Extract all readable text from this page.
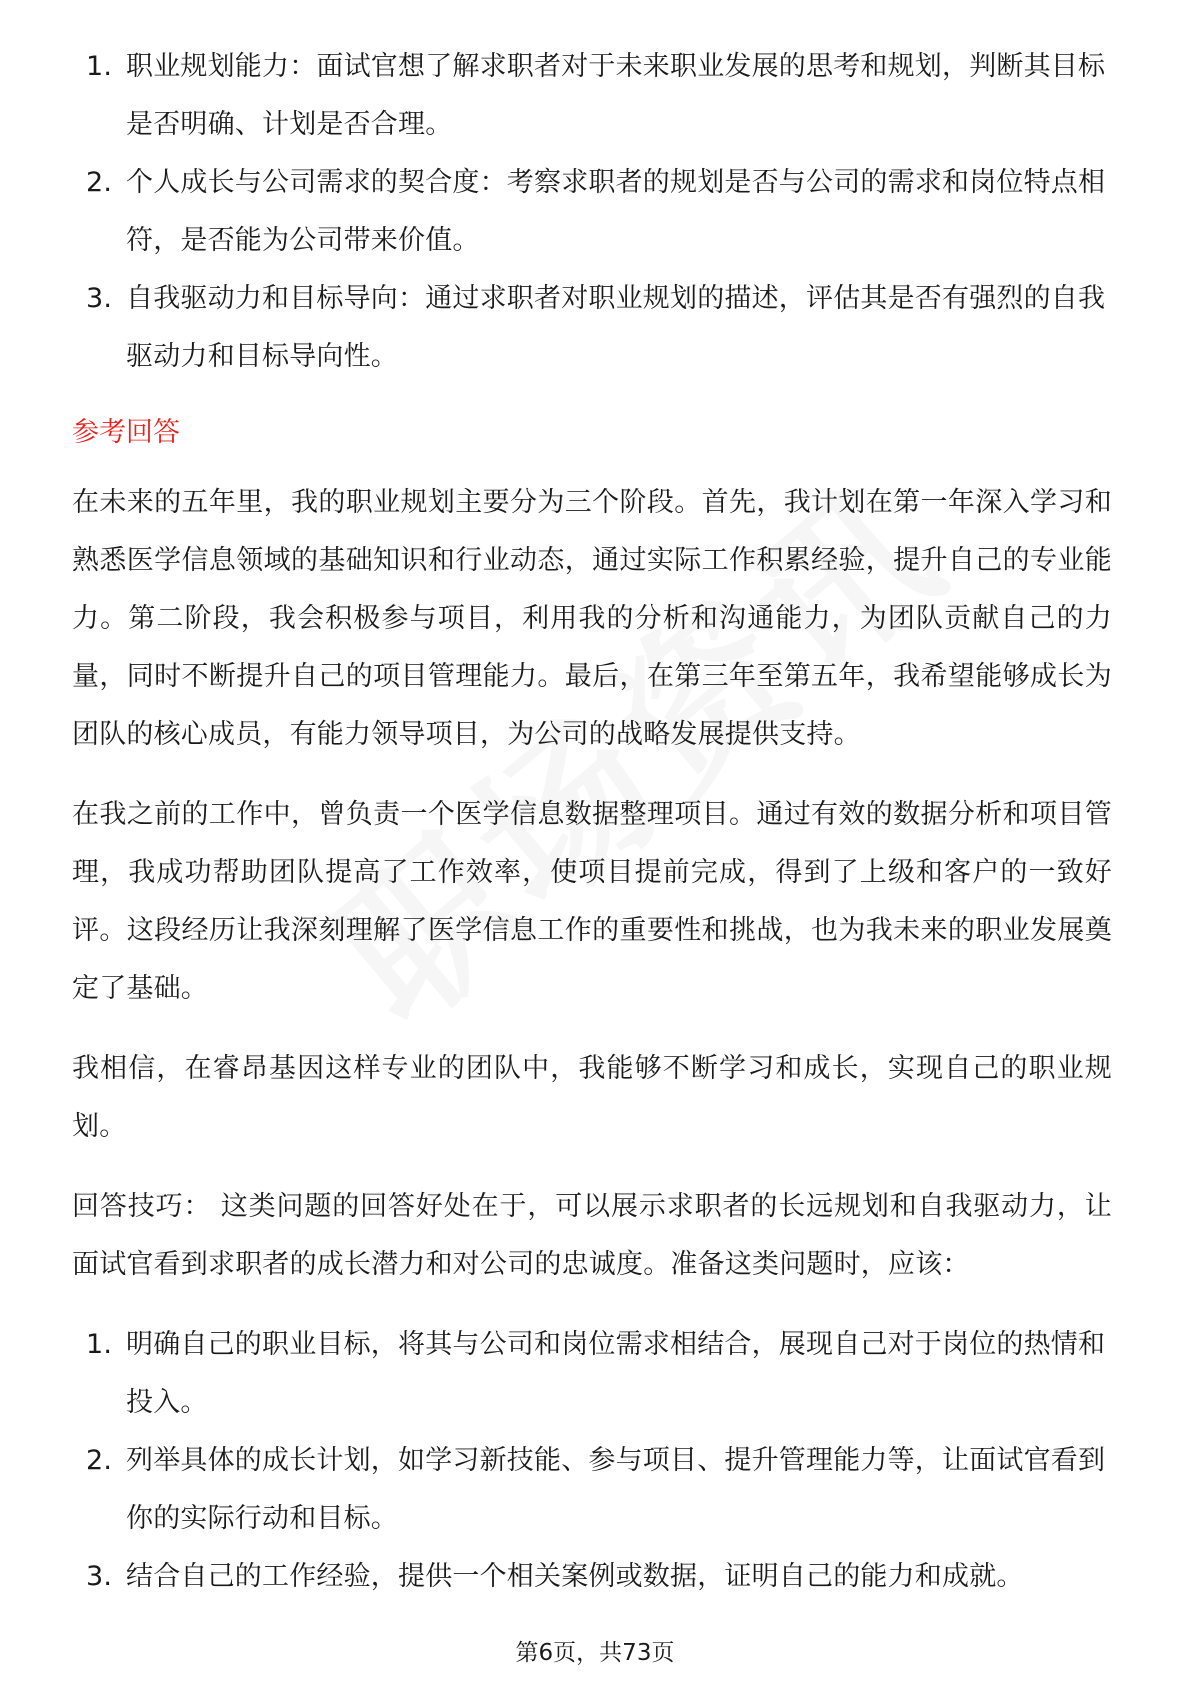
1. 职业规划能力：面试官想了解求职者对于未来职业发展的思考和规划，判断其目标是否明确、计划是否合理。
2. 个人成长与公司需求的契合度：考察求职者的规划是否与公司的需求和岗位特点相符，是否能为公司带来价值。
3. 自我驱动力和目标导向：通过求职者对职业规划的描述，评估其是否有强烈的自我驱动力和目标导向性。
参考回答

在未来的五年里，我的职业规划主要分为三个阶段。首先，我计划在第一年深入学习和熟悉医学信息领域的基础知识和行业动态，通过实际工作积累经验，提升自己的专业能力。第二阶段，我会积极参与项目，利用我的分析和沟通能力，为团队贡献自己的力量，同时不断提升自己的项目管理能力。最后，在第三年至第五年，我希望能够成长为团队的核心成员，有能力领导项目，为公司的战略发展提供支持。

在我之前的工作中，曾负责一个医学信息数据整理项目。通过有效的数据分析和项目管理，我成功帮助团队提高了工作效率，使项目提前完成，得到了上级和客户的一致好评。这段经历让我深刻理解了医学信息工作的重要性和挑战，也为我未来的职业发展奠定了基础。

我相信，在睿昂基因这样专业的团队中，我能够不断学习和成长，实现自己的职业规划。

回答技巧： 这类问题的回答好处在于，可以展示求职者的长远规划和自我驱动力，让面试官看到求职者的成长潜力和对公司的忠诚度。准备这类问题时，应该：

1. 明确自己的职业目标，将其与公司和岗位需求相结合，展现自己对于岗位的热情和投入。
2. 列举具体的成长计划，如学习新技能、参与项目、提升管理能力等，让面试官看到你的实际行动和目标。
3. 结合自己的工作经验，提供一个相关案例或数据，证明自己的能力和成就。
第6页，共73页
